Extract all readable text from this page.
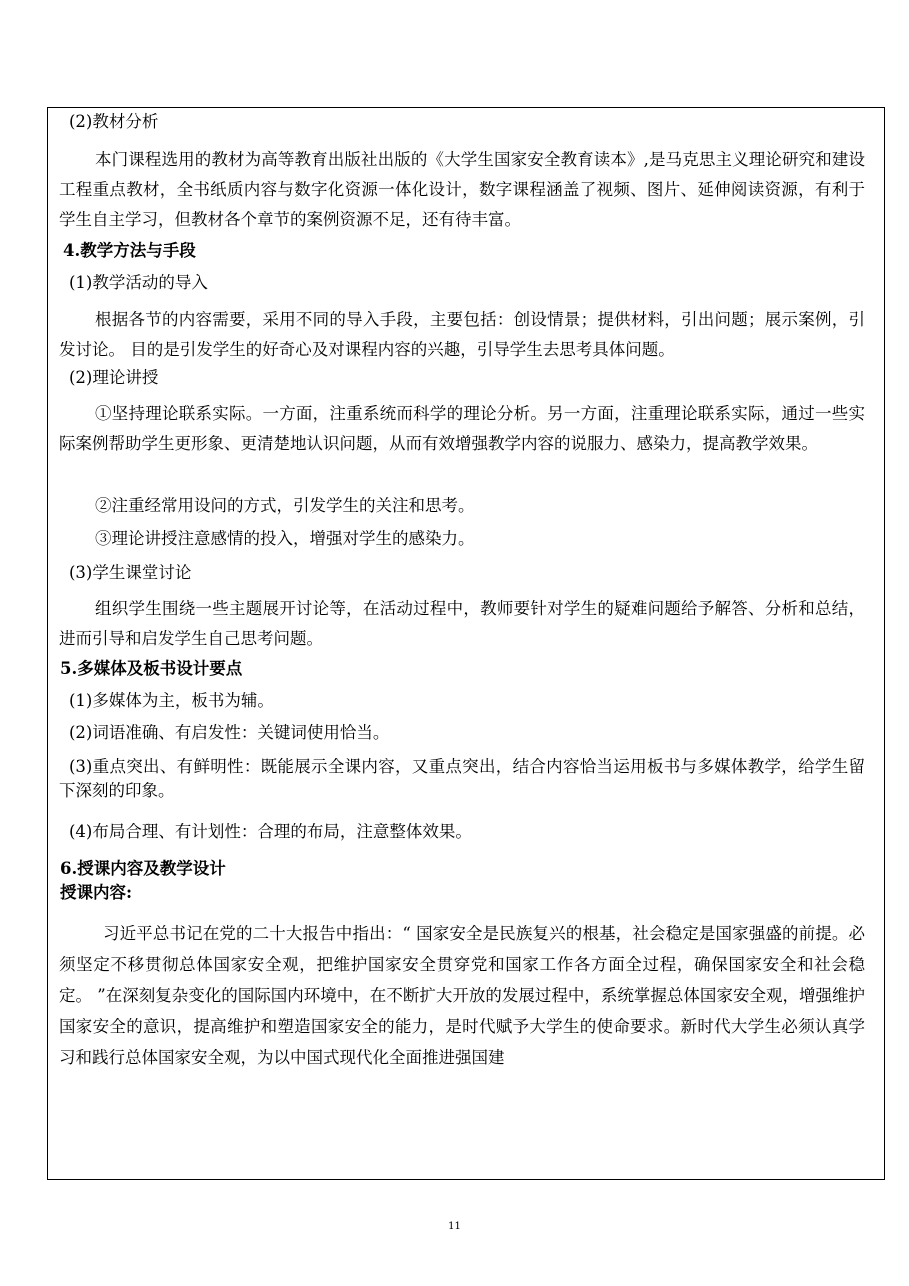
(2)教材分析

本门课程选用的教材为高等教育出版社出版的《大学生国家安全教育读本》,是马克思主义理论研究和建设工程重点教材，全书纸质内容与数字化资源一体化设计，数字课程涵盖了视频、图片、延伸阅读资源，有利于学生自主学习，但教材各个章节的案例资源不足，还有待丰富。

4.教学方法与手段
(1)教学活动的导入

根据各节的内容需要，采用不同的导入手段，主要包括：创设情景；提供材料，引出问题；展示案例，引发讨论。 目的是引发学生的好奇心及对课程内容的兴趣，引导学生去思考具体问题。

(2)理论讲授

①坚持理论联系实际。一方面，注重系统而科学的理论分析。另一方面，注重理论联系实际，通过一些实际案例帮助学生更形象、更清楚地认识问题，从而有效增强教学内容的说服力、感染力，提高教学效果。

②注重经常用设问的方式，引发学生的关注和思考。
③理论讲授注意感情的投入，增强对学生的感染力。
(3)学生课堂讨论

组织学生围绕一些主题展开讨论等，在活动过程中，教师要针对学生的疑难问题给予解答、分析和总结，进而引导和启发学生自己思考问题。

5.多媒体及板书设计要点
(1)多媒体为主，板书为辅。
(2)词语准确、有启发性：关键词使用恰当。

(3)重点突出、有鲜明性：既能展示全课内容，又重点突出，结合内容恰当运用板书与多媒体教学，给学生留下深刻的印象。

(4)布局合理、有计划性：合理的布局，注意整体效果。
6.授课内容及教学设计
授课内容:

习近平总书记在党的二十大报告中指出：“ 国家安全是民族复兴的根基，社会稳定是国家强盛的前提。必须坚定不移贯彻总体国家安全观，把维护国家安全贯穿党和国家工作各方面全过程，确保国家安全和社会稳定。 ”在深刻复杂变化的国际国内环境中，在不断扩大开放的发展过程中，系统掌握总体国家安全观，增强维护国家安全的意识，提高维护和塑造国家安全的能力，是时代赋予大学生的使命要求。新时代大学生必须认真学习和践行总体国家安全观，为以中国式现代化全面推进强国建

11
